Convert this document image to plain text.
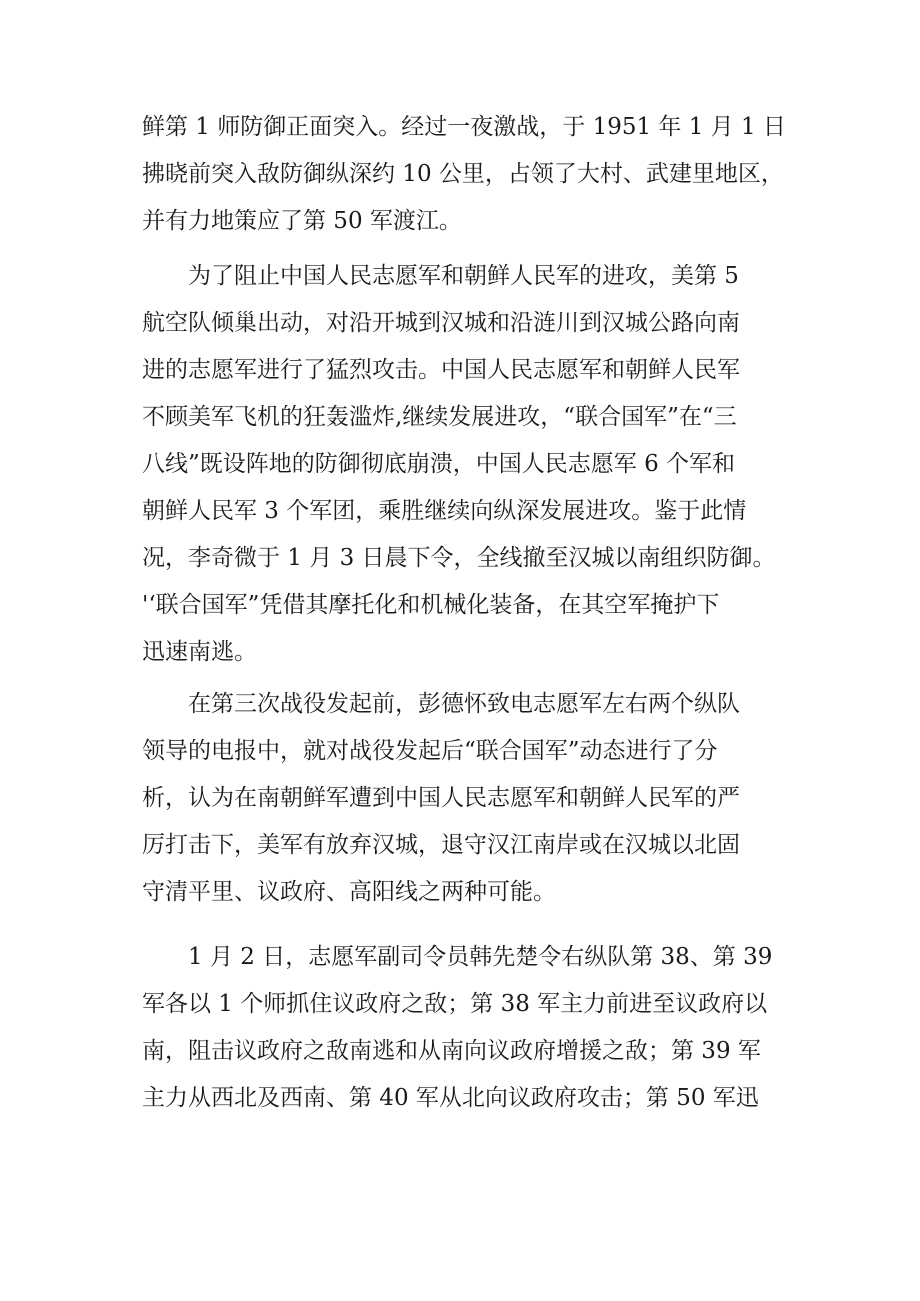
鲜第 1 师防御正面突入。经过一夜激战，于 1951 年 1 月 1 日
拂晓前突入敌防御纵深约 10 公里，占领了大村、武建里地区，
并有力地策应了第 50 军渡江。
为了阻止中国人民志愿军和朝鲜人民军的进攻，美第 5
航空队倾巢出动，对沿开城到汉城和沿涟川到汉城公路向南
进的志愿军进行了猛烈攻击。中国人民志愿军和朝鲜人民军
不顾美军飞机的狂轰滥炸,继续发展进攻，“联合国军”在“三
八线”既设阵地的防御彻底崩溃，中国人民志愿军 6 个军和
朝鲜人民军 3 个军团，乘胜继续向纵深发展进攻。鉴于此情
况，李奇微于 1 月 3 日晨下令，全线撤至汉城以南组织防御。
'‘联合国军”凭借其摩托化和机械化装备，在其空军掩护下
迅速南逃。
在第三次战役发起前，彭德怀致电志愿军左右两个纵队
领导的电报中，就对战役发起后“联合国军”动态进行了分
析，认为在南朝鲜军遭到中国人民志愿军和朝鲜人民军的严
厉打击下，美军有放弃汉城，退守汉江南岸或在汉城以北固
守清平里、议政府、高阳线之两种可能。
1 月 2 日，志愿军副司令员韩先楚令右纵队第 38、第 39
军各以 1 个师抓住议政府之敌；第 38 军主力前进至议政府以
南，阻击议政府之敌南逃和从南向议政府增援之敌；第 39 军
主力从西北及西南、第 40 军从北向议政府攻击；第 50 军迅
